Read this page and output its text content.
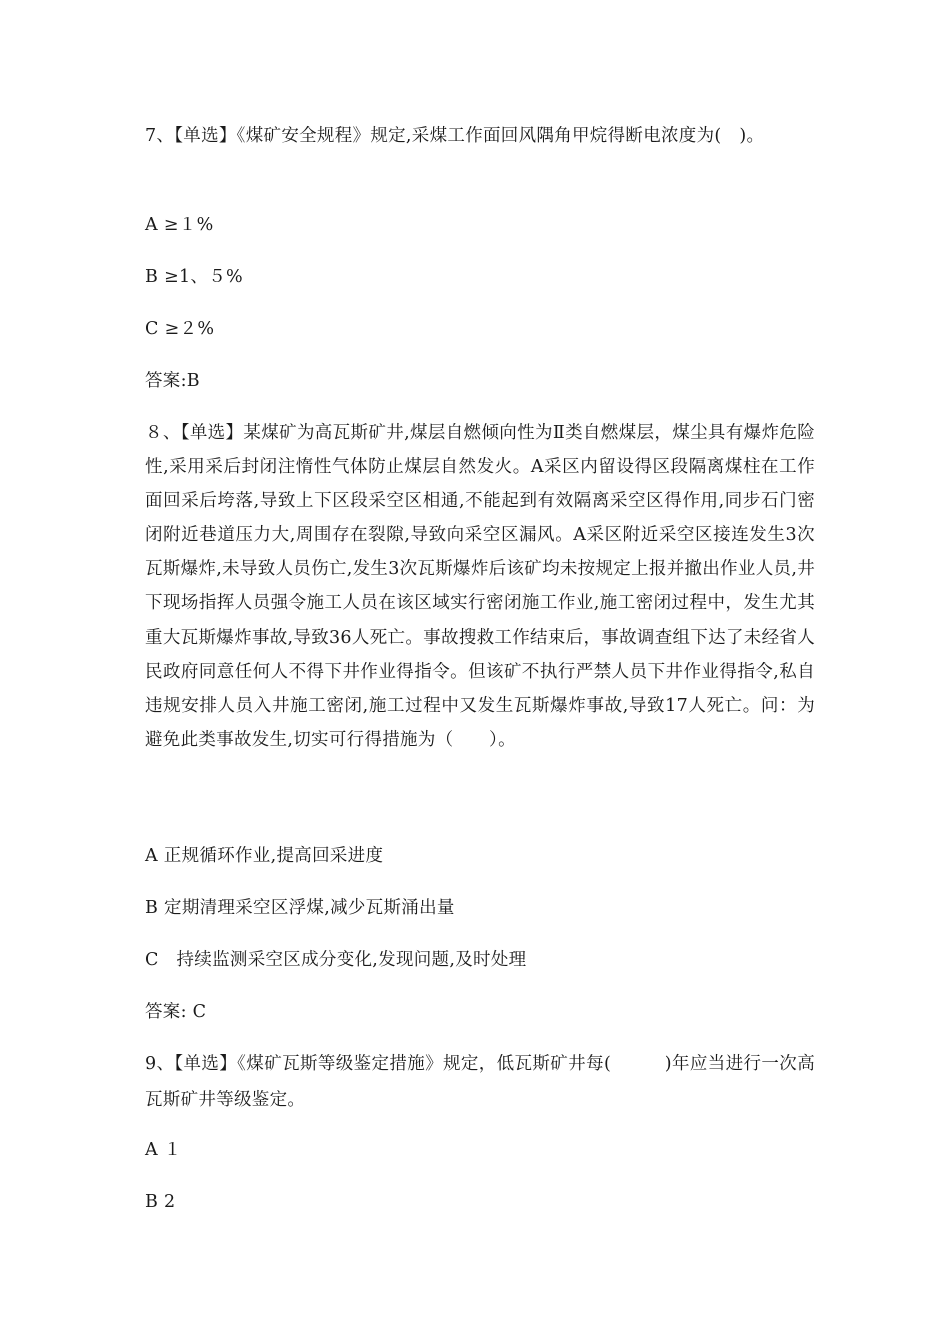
7、【单选】《煤矿安全规程》规定,采煤工作面回风隅角甲烷得断电浓度为(　)。
A ≥１%
B ≥1、５%
C ≥２%
答案:B
８、【单选】某煤矿为高瓦斯矿井,煤层自燃倾向性为Ⅱ类自燃煤层，煤尘具有爆炸危险性,采用采后封闭注惰性气体防止煤层自然发火。A采区内留设得区段隔离煤柱在工作面回采后垮落,导致上下区段采空区相通,不能起到有效隔离采空区得作用,同步石门密闭附近巷道压力大,周围存在裂隙,导致向采空区漏风。A采区附近采空区接连发生3次瓦斯爆炸,未导致人员伤亡,发生3次瓦斯爆炸后该矿均未按规定上报并撤出作业人员,井下现场指挥人员强令施工人员在该区域实行密闭施工作业,施工密闭过程中，发生尤其重大瓦斯爆炸事故,导致36人死亡。事故搜救工作结束后，事故调查组下达了未经省人民政府同意任何人不得下井作业得指令。但该矿不执行严禁人员下井作业得指令,私自违规安排人员入井施工密闭,施工过程中又发生瓦斯爆炸事故,导致17人死亡。问：为避免此类事故发生,切实可行得措施为（　　）。
A 正规循环作业,提高回采进度
B 定期清理采空区浮煤,减少瓦斯涌出量
C　持续监测采空区成分变化,发现问题,及时处理
答案: C
9、【单选】《煤矿瓦斯等级鉴定措施》规定，低瓦斯矿井每(　　　)年应当进行一次高瓦斯矿井等级鉴定。
A １
B 2
